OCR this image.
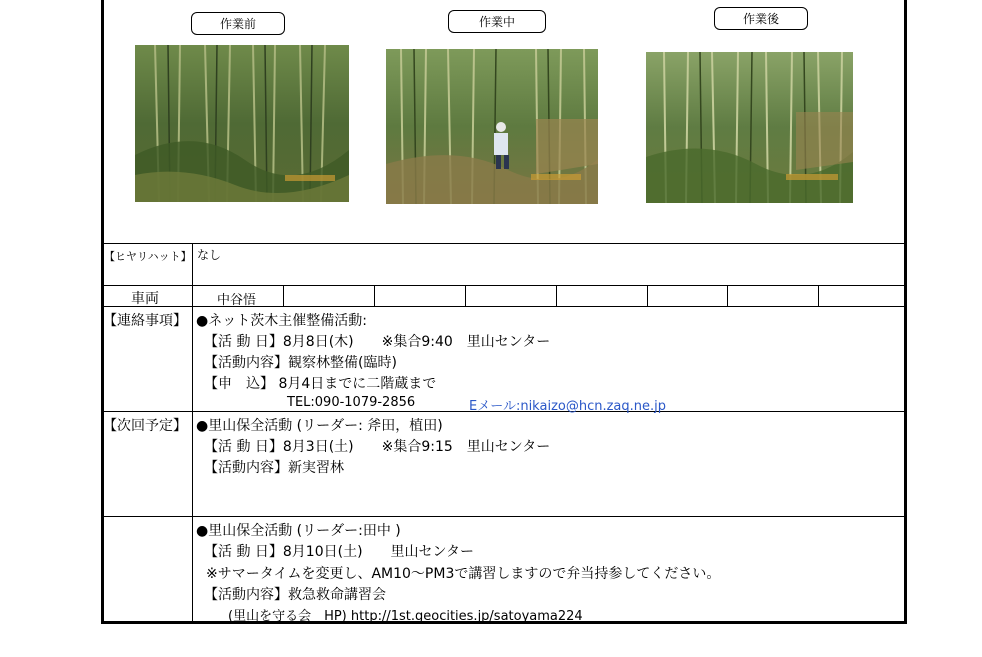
作業前	作業中	作業後
【ヒヤリハット】 なし
車両	中谷悟
【連絡事項】 ●ネット茨木主催整備活動:
【活 動 日】8月8日(木)　　※集合9:40　里山センター
【活動内容】観察林整備(臨時)
【申　込】 8月4日までに二階蔵まで
TEL:090-1079-2856	Eメール:nikaizo@hcn.zaq.ne.jp
【次回予定】 ●里山保全活動 (リーダー: 斧田，植田)
【活 動 日】8月3日(土)　　※集合9:15　里山センター
【活動内容】新実習林
●里山保全活動 (リーダー:田中 )
【活 動 日】8月10日(土)　　里山センター
※サマータイムを変更し、AM10～PM3で講習しますので弁当持参してください。
【活動内容】救急救命講習会
(里山を守る会　HP) http://1st.geocities.jp/satoyama224
